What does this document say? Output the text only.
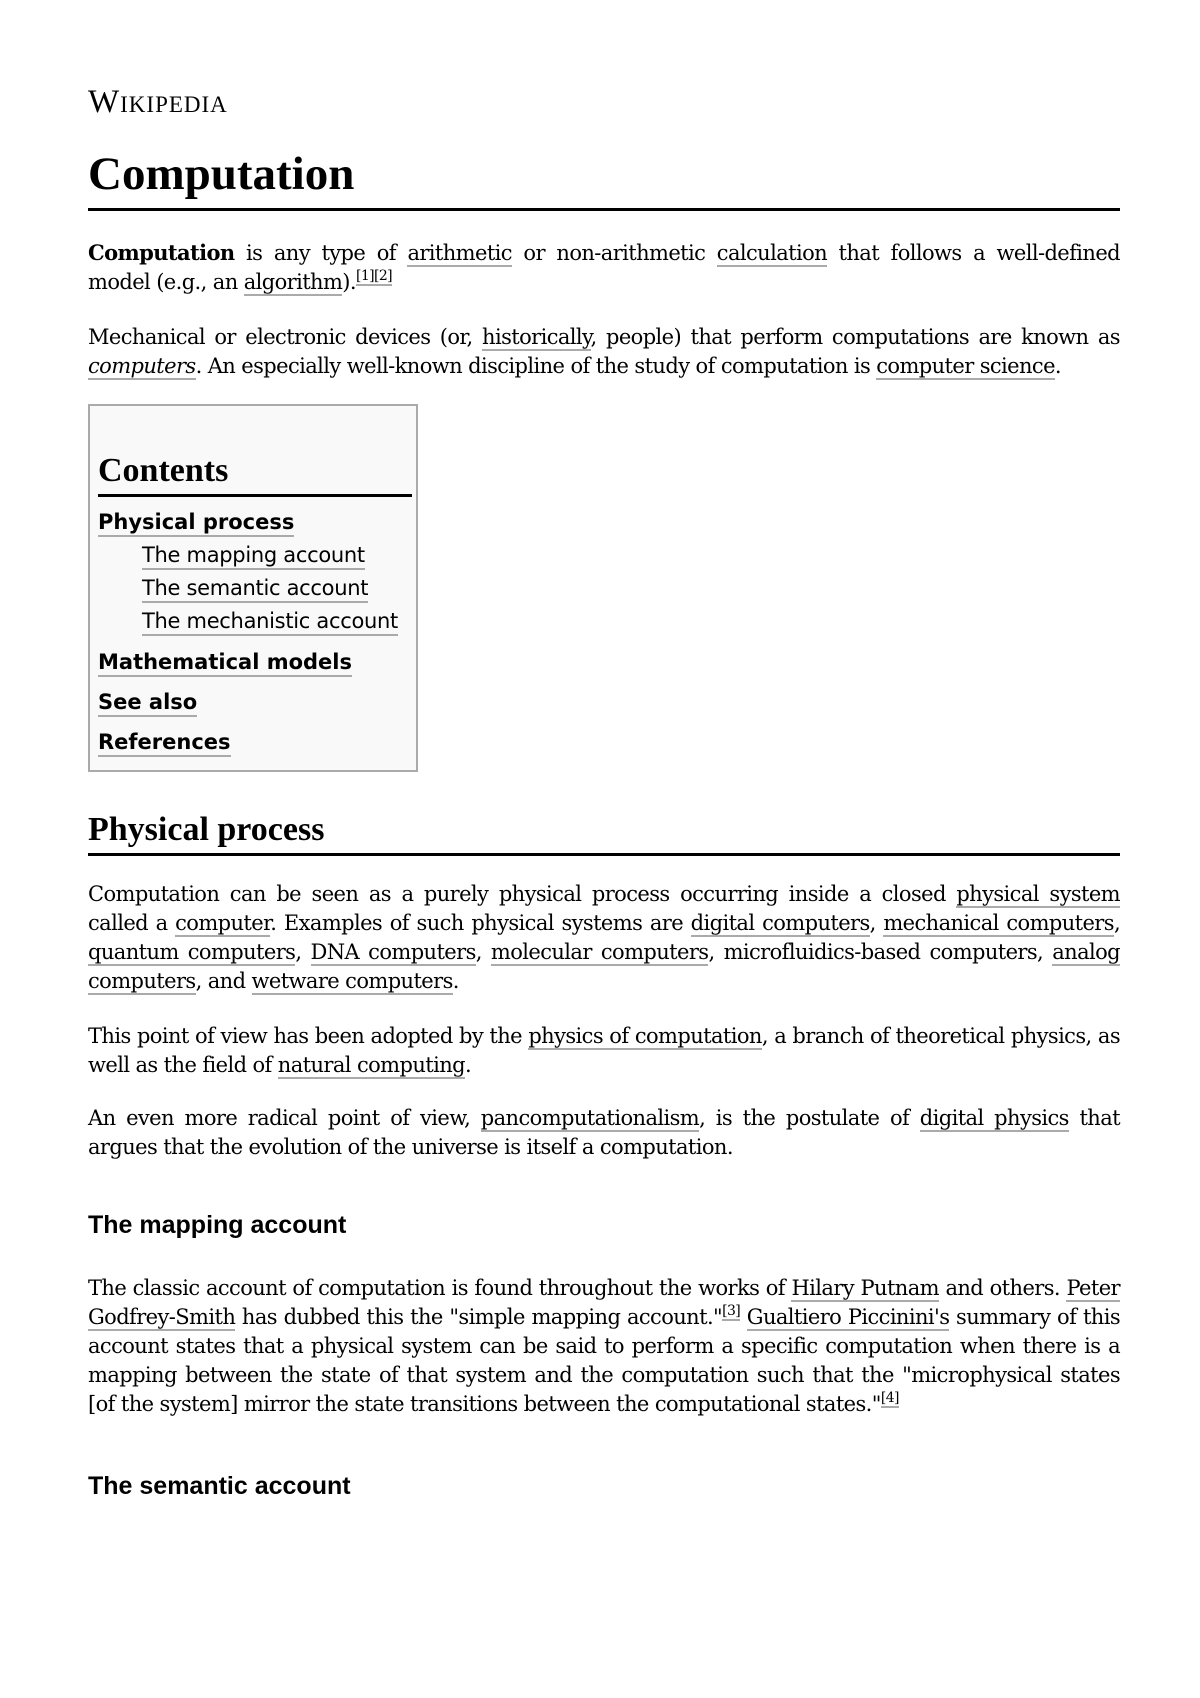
Wikipedia
Computation

Computation is any type of arithmetic or non-arithmetic calculation that follows a well-defined model (e.g., an algorithm).[1][2]

Mechanical or electronic devices (or, historically, people) that perform computations are known as computers. An especially well-known discipline of the study of computation is computer science.

Contents
Physical process
The mapping account
The semantic account
The mechanistic account
Mathematical models
See also
References
Physical process

Computation can be seen as a purely physical process occurring inside a closed physical system called a computer. Examples of such physical systems are digital computers, mechanical computers, quantum computers, DNA computers, molecular computers, microfluidics-based computers, analog computers, and wetware computers.

This point of view has been adopted by the physics of computation, a branch of theoretical physics, as well as the field of natural computing.

An even more radical point of view, pancomputationalism, is the postulate of digital physics that argues that the evolution of the universe is itself a computation.

The mapping account

The classic account of computation is found throughout the works of Hilary Putnam and others. Peter Godfrey-Smith has dubbed this the "simple mapping account."[3] Gualtiero Piccinini's summary of this account states that a physical system can be said to perform a specific computation when there is a mapping between the state of that system and the computation such that the "microphysical states [of the system] mirror the state transitions between the computational states."[4]

The semantic account
